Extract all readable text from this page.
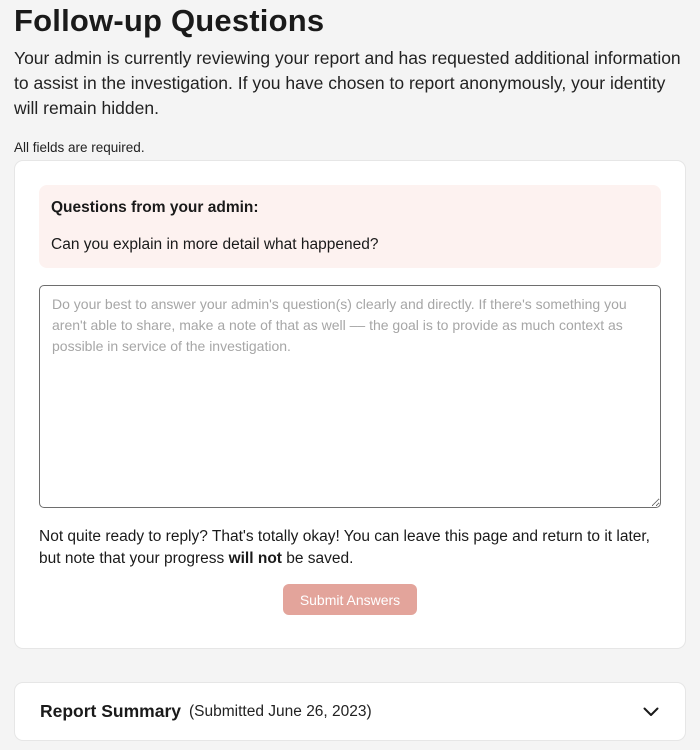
Follow-up Questions

Your admin is currently reviewing your report and has requested additional information to assist in the investigation. If you have chosen to report anonymously, your identity will remain hidden.

All fields are required.

Questions from your admin:
Can you explain in more detail what happened?
Do your best to answer your admin's question(s) clearly and directly. If there's something you aren't able to share, make a note of that as well –– the goal is to provide as much context as possible in service of the investigation.

Not quite ready to reply? That's totally okay! You can leave this page and return to it later, but note that your progress will not be saved.

Submit Answers
Report Summary (Submitted June 26, 2023)
